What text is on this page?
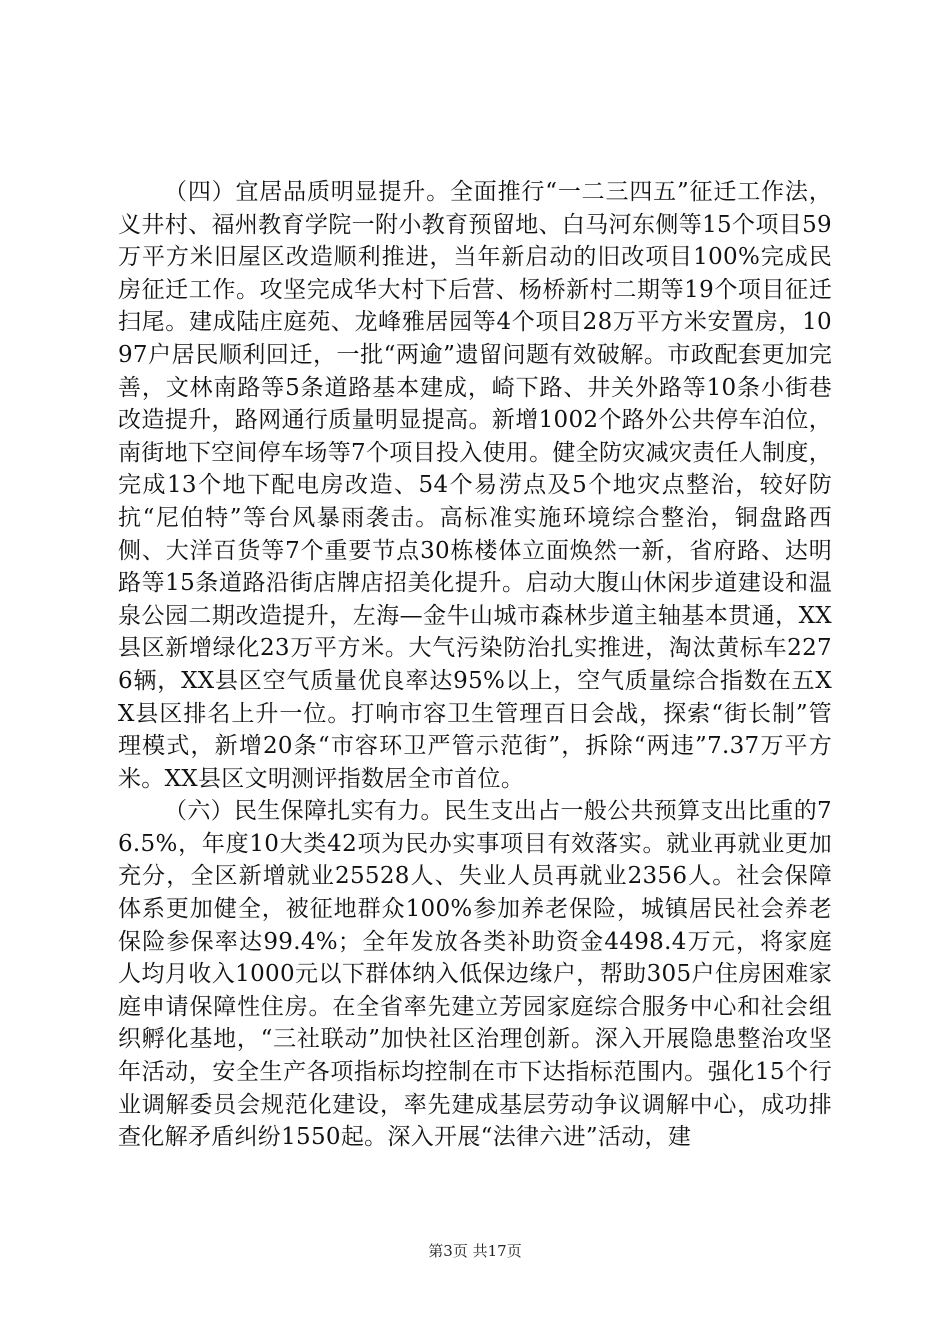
（四）宜居品质明显提升。全面推行“一二三四五”征迁工作法，义井村、福州教育学院一附小教育预留地、白马河东侧等15个项目59万平方米旧屋区改造顺利推进，当年新启动的旧改项目100%完成民房征迁工作。攻坚完成华大村下后营、杨桥新村二期等19个项目征迁扫尾。建成陆庄庭苑、龙峰雅居园等4个项目28万平方米安置房，1097户居民顺利回迁，一批“两逾”遗留问题有效破解。市政配套更加完善，文林南路等5条道路基本建成，崎下路、井关外路等10条小街巷改造提升，路网通行质量明显提高。新增1002个路外公共停车泊位，南街地下空间停车场等7个项目投入使用。健全防灾减灾责任人制度，完成13个地下配电房改造、54个易涝点及5个地灾点整治，较好防抗“尼伯特”等台风暴雨袭击。高标准实施环境综合整治，铜盘路西侧、大洋百货等7个重要节点30栋楼体立面焕然一新，省府路、达明路等15条道路沿街店牌店招美化提升。启动大腹山休闲步道建设和温泉公园二期改造提升，左海—金牛山城市森林步道主轴基本贯通，XX县区新增绿化23万平方米。大气污染防治扎实推进，淘汰黄标车2276辆，XX县区空气质量优良率达95%以上，空气质量综合指数在五XX县区排名上升一位。打响市容卫生管理百日会战，探索“街长制”管理模式，新增20条“市容环卫严管示范街”，拆除“两违”7.37万平方米。XX县区文明测评指数居全市首位。

（六）民生保障扎实有力。民生支出占一般公共预算支出比重的76.5%，年度10大类42项为民办实事项目有效落实。就业再就业更加充分，全区新增就业25528人、失业人员再就业2356人。社会保障体系更加健全，被征地群众100%参加养老保险，城镇居民社会养老保险参保率达99.4%；全年发放各类补助资金4498.4万元，将家庭人均月收入1000元以下群体纳入低保边缘户，帮助305户住房困难家庭申请保障性住房。在全省率先建立芳园家庭综合服务中心和社会组织孵化基地，“三社联动”加快社区治理创新。深入开展隐患整治攻坚年活动，安全生产各项指标均控制在市下达指标范围内。强化15个行业调解委员会规范化建设，率先建成基层劳动争议调解中心，成功排查化解矛盾纠纷1550起。深入开展“法律六进”活动，建

第3页 共17页
